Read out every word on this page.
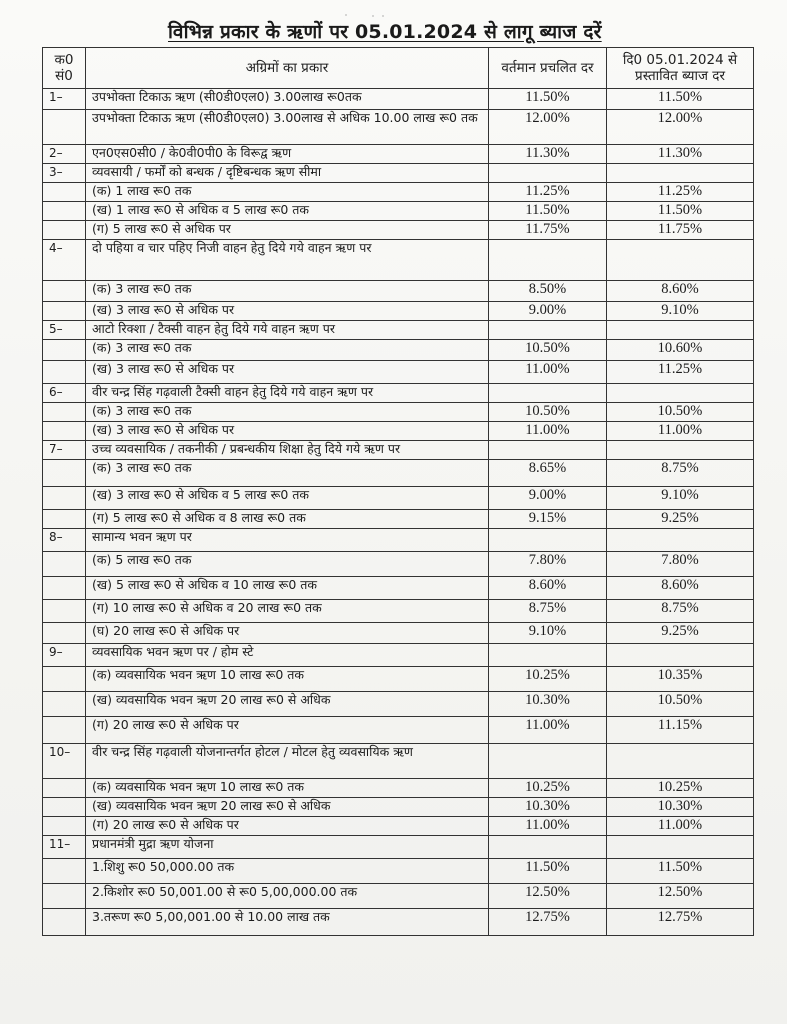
विभिन्न प्रकार के ऋणों पर 05.01.2024 से लागू ब्याज दरें
क0 सं0	अग्रिमों का प्रकार	वर्तमान प्रचलित दर	दि0 05.01.2024 से प्रस्तावित ब्याज दर
1–	उपभोक्ता टिकाऊ ऋण (सी0डी0एल0) 3.00लाख रू0तक	11.50%	11.50%
	उपभोक्ता टिकाऊ ऋण (सी0डी0एल0) 3.00लाख से अधिक 10.00 लाख रू0 तक	12.00%	12.00%
2–	एन0एस0सी0 / के0वी0पी0 के विरूद्व ऋण	11.30%	11.30%
3–	व्यवसायी / फर्मों को बन्धक / दृष्टिबन्धक ऋण सीमा		
	(क) 1 लाख रू0 तक	11.25%	11.25%
	(ख) 1 लाख रू0 से अधिक व 5 लाख रू0 तक	11.50%	11.50%
	(ग) 5 लाख रू0 से अधिक पर	11.75%	11.75%
4–	दो पहिया व चार पहिए निजी वाहन हेतु दिये गये वाहन ऋण पर		
	(क) 3 लाख रू0 तक	8.50%	8.60%
	(ख) 3 लाख रू0 से अधिक पर	9.00%	9.10%
5–	आटो रिक्शा / टैक्सी वाहन हेतु दिये गये वाहन ऋण पर		
	(क) 3 लाख रू0 तक	10.50%	10.60%
	(ख) 3 लाख रू0 से अधिक पर	11.00%	11.25%
6–	वीर चन्द्र सिंह गढ़वाली टैक्सी वाहन हेतु दिये गये वाहन ऋण पर		
	(क) 3 लाख रू0 तक	10.50%	10.50%
	(ख) 3 लाख रू0 से अधिक पर	11.00%	11.00%
7–	उच्च व्यवसायिक / तकनीकी / प्रबन्धकीय शिक्षा हेतु दिये गये ऋण पर		
	(क) 3 लाख रू0 तक	8.65%	8.75%
	(ख) 3 लाख रू0 से अधिक व 5 लाख रू0 तक	9.00%	9.10%
	(ग) 5 लाख रू0 से अधिक व 8 लाख रू0 तक	9.15%	9.25%
8–	सामान्य भवन ऋण पर		
	(क) 5 लाख रू0 तक	7.80%	7.80%
	(ख) 5 लाख रू0 से अधिक व 10 लाख रू0 तक	8.60%	8.60%
	(ग) 10 लाख रू0 से अधिक व 20 लाख रू0 तक	8.75%	8.75%
	(घ) 20 लाख रू0 से अधिक पर	9.10%	9.25%
9–	व्यवसायिक भवन ऋण पर / होम स्टे		
	(क) व्यवसायिक भवन ऋण 10 लाख रू0 तक	10.25%	10.35%
	(ख) व्यवसायिक भवन ऋण 20 लाख रू0 से अधिक	10.30%	10.50%
	(ग) 20 लाख रू0 से अधिक पर	11.00%	11.15%
10–	वीर चन्द्र सिंह गढ़वाली योजनान्तर्गत होटल / मोटल हेतु व्यवसायिक ऋण		
	(क) व्यवसायिक भवन ऋण 10 लाख रू0 तक	10.25%	10.25%
	(ख) व्यवसायिक भवन ऋण 20 लाख रू0 से अधिक	10.30%	10.30%
	(ग) 20 लाख रू0 से अधिक पर	11.00%	11.00%
11–	प्रधानमंत्री मुद्रा ऋण योजना		
	1.शिशु रू0 50,000.00 तक	11.50%	11.50%
	2.किशोर रू0 50,001.00 से रू0 5,00,000.00 तक	12.50%	12.50%
	3.तरूण रू0 5,00,001.00 से 10.00 लाख तक	12.75%	12.75%
